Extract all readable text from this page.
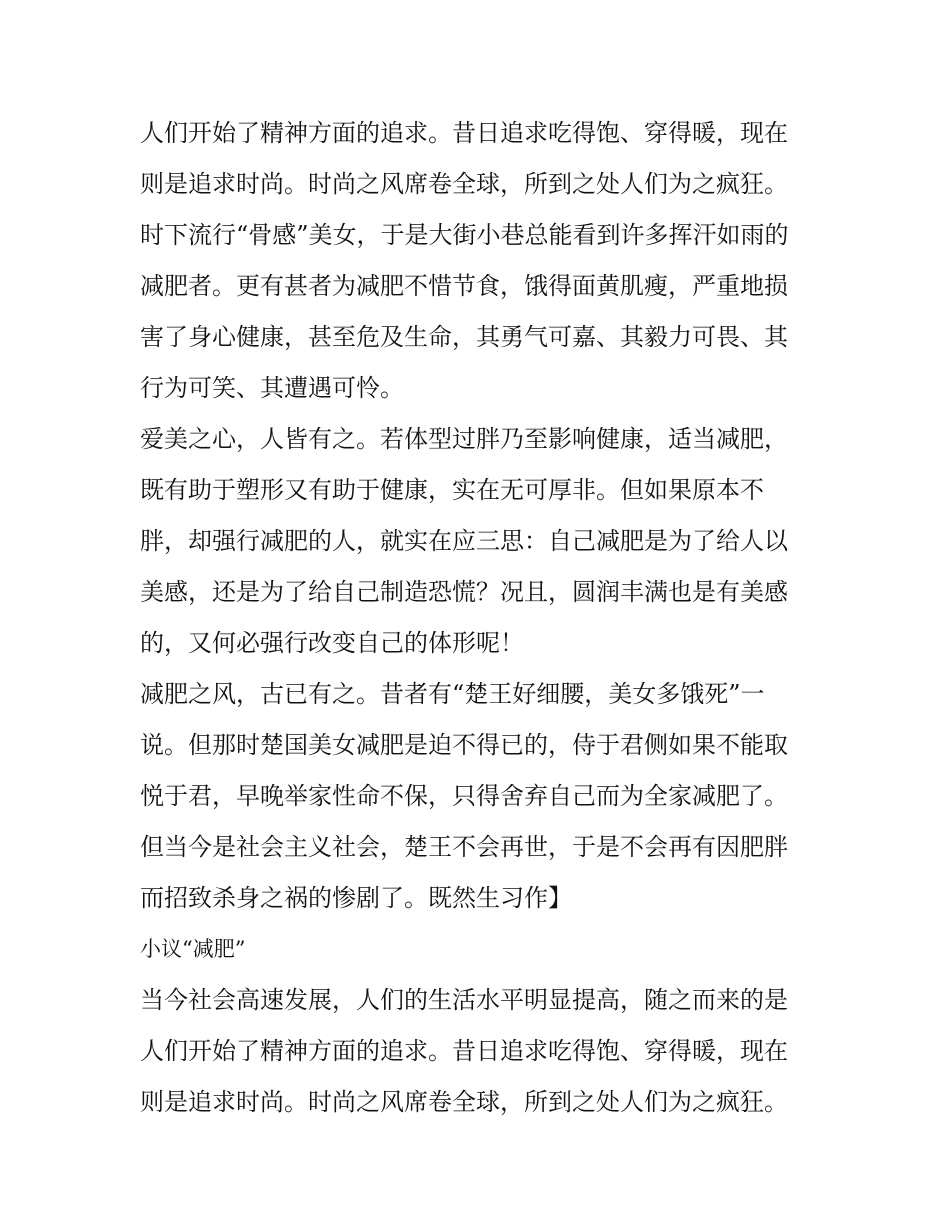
人们开始了精神方面的追求。昔日追求吃得饱、穿得暖，现在
则是追求时尚。时尚之风席卷全球，所到之处人们为之疯狂。
时下流行“骨感”美女，于是大街小巷总能看到许多挥汗如雨的
减肥者。更有甚者为减肥不惜节食，饿得面黄肌瘦，严重地损
害了身心健康，甚至危及生命，其勇气可嘉、其毅力可畏、其
行为可笑、其遭遇可怜。
爱美之心，人皆有之。若体型过胖乃至影响健康，适当减肥，
既有助于塑形又有助于健康，实在无可厚非。但如果原本不
胖，却强行减肥的人，就实在应三思：自己减肥是为了给人以
美感，还是为了给自己制造恐慌？况且，圆润丰满也是有美感
的，又何必强行改变自己的体形呢！
减肥之风，古已有之。昔者有“楚王好细腰，美女多饿死”一
说。但那时楚国美女减肥是迫不得已的，侍于君侧如果不能取
悦于君，早晚举家性命不保，只得舍弃自己而为全家减肥了。
但当今是社会主义社会，楚王不会再世，于是不会再有因肥胖
而招致杀身之祸的惨剧了。既然生习作】
小议“减肥”
当今社会高速发展，人们的生活水平明显提高，随之而来的是
人们开始了精神方面的追求。昔日追求吃得饱、穿得暖，现在
则是追求时尚。时尚之风席卷全球，所到之处人们为之疯狂。
